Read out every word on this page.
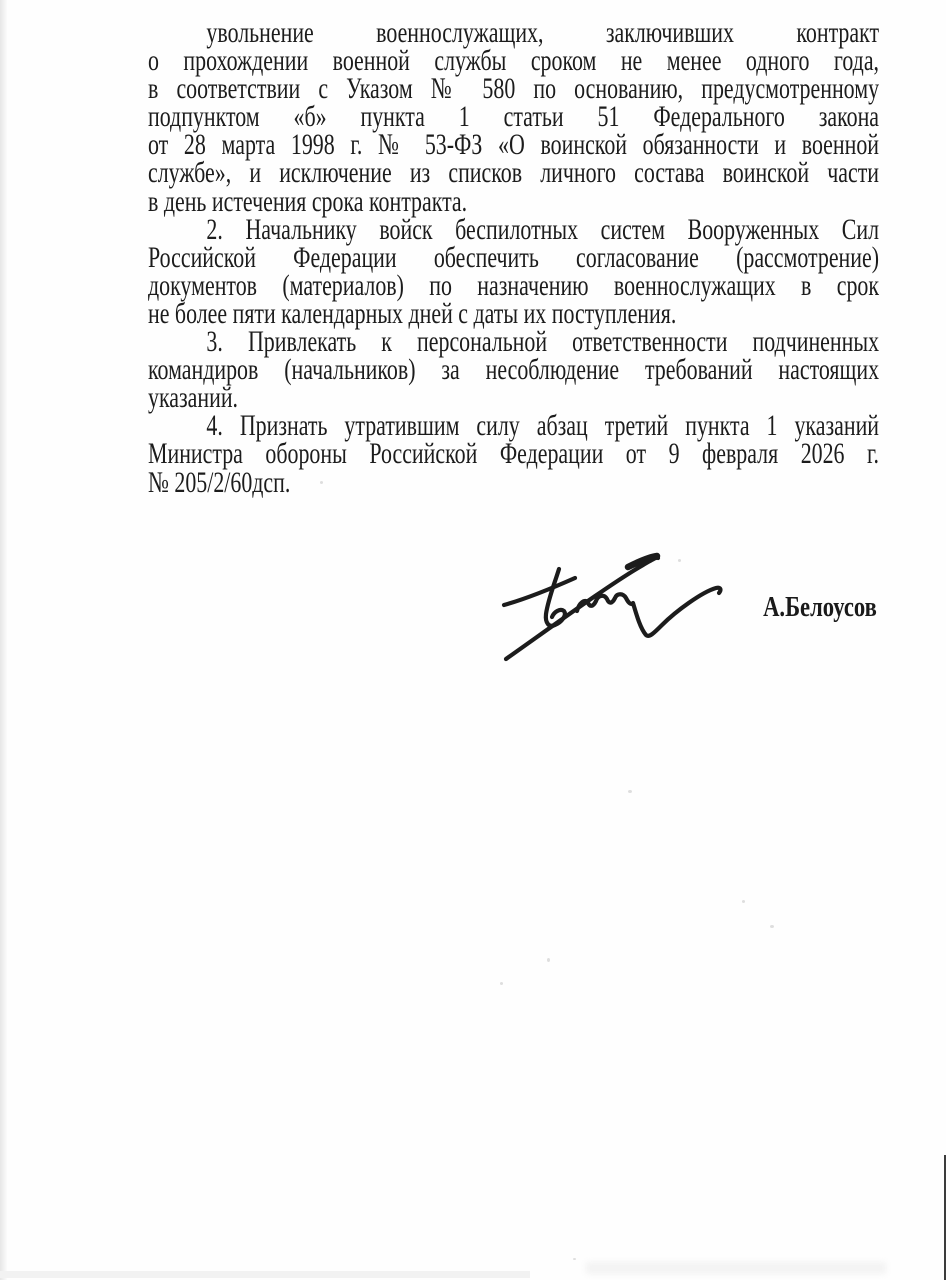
увольнение военнослужащих, заключивших контракт
о прохождении военной службы сроком не менее одного года,
в соответствии с Указом № 580 по основанию, предусмотренному
подпунктом «б» пункта 1 статьи 51 Федерального закона
от 28 марта 1998 г. № 53-ФЗ «О воинской обязанности и военной
службе», и исключение из списков личного состава воинской части
в день истечения срока контракта.
2. Начальнику войск беспилотных систем Вооруженных Сил
Российской Федерации обеспечить согласование (рассмотрение)
документов (материалов) по назначению военнослужащих в срок
не более пяти календарных дней с даты их поступления.
3. Привлекать к персональной ответственности подчиненных
командиров (начальников) за несоблюдение требований настоящих
указаний.
4. Признать утратившим силу абзац третий пункта 1 указаний
Министра обороны Российской Федерации от 9 февраля 2026 г.
№ 205/2/60дсп.
А.Белоусов
